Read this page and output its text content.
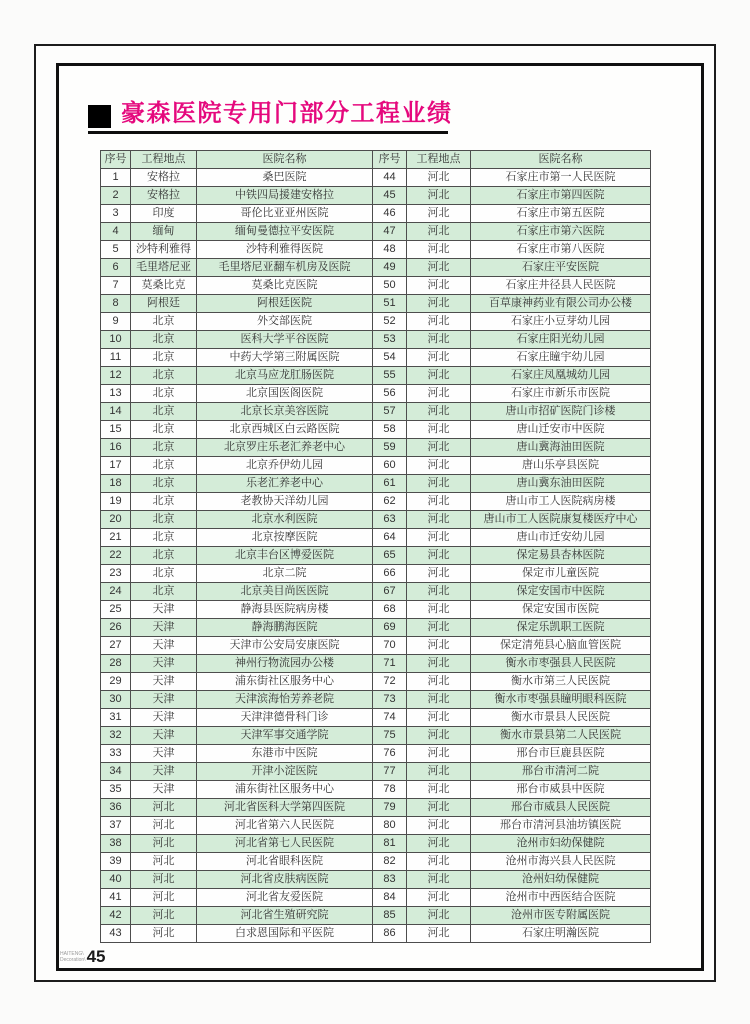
豪森医院专用门部分工程业绩
序号	工程地点	医院名称	序号	工程地点	医院名称
1	安格拉	桑巴医院	44	河北	石家庄市第一人民医院
2	安格拉	中铁四局援建安格拉	45	河北	石家庄市第四医院
3	印度	哥伦比亚亚州医院	46	河北	石家庄市第五医院
4	缅甸	缅甸曼德拉平安医院	47	河北	石家庄市第六医院
5	沙特利雅得	沙特利雅得医院	48	河北	石家庄市第八医院
6	毛里塔尼亚	毛里塔尼亚翻车机房及医院	49	河北	石家庄平安医院
7	莫桑比克	莫桑比克医院	50	河北	石家庄井径县人民医院
8	阿根廷	阿根廷医院	51	河北	百草康神药业有限公司办公楼
9	北京	外交部医院	52	河北	石家庄小豆芽幼儿园
10	北京	医科大学平谷医院	53	河北	石家庄阳光幼儿园
11	北京	中药大学第三附属医院	54	河北	石家庄瞳宇幼儿园
12	北京	北京马应龙肛肠医院	55	河北	石家庄凤凰城幼儿园
13	北京	北京国医阁医院	56	河北	石家庄市新乐市医院
14	北京	北京长京美容医院	57	河北	唐山市招矿医院门诊楼
15	北京	北京西城区白云路医院	58	河北	唐山迁安市中医院
16	北京	北京罗庄乐老汇养老中心	59	河北	唐山冀海油田医院
17	北京	北京乔伊幼儿园	60	河北	唐山乐亭县医院
18	北京	乐老汇养老中心	61	河北	唐山冀东油田医院
19	北京	老教协天洋幼儿园	62	河北	唐山市工人医院病房楼
20	北京	北京水利医院	63	河北	唐山市工人医院康复楼医疗中心
21	北京	北京按摩医院	64	河北	唐山市迁安幼儿园
22	北京	北京丰台区博爱医院	65	河北	保定易县杏林医院
23	北京	北京二院	66	河北	保定市儿童医院
24	北京	北京美目尚医医院	67	河北	保定安国市中医院
25	天津	静海县医院病房楼	68	河北	保定安国市医院
26	天津	静海鹏海医院	69	河北	保定乐凯职工医院
27	天津	天津市公安局安康医院	70	河北	保定清苑县心脑血管医院
28	天津	神州行物流园办公楼	71	河北	衡水市枣强县人民医院
29	天津	浦东街社区服务中心	72	河北	衡水市第三人民医院
30	天津	天津滨海怡芳养老院	73	河北	衡水市枣强县瞳明眼科医院
31	天津	天津津德骨科门诊	74	河北	衡水市景县人民医院
32	天津	天津军事交通学院	75	河北	衡水市景县第二人民医院
33	天津	东港市中医院	76	河北	邢台市巨鹿县医院
34	天津	开津小淀医院	77	河北	邢台市清河二院
35	天津	浦东街社区服务中心	78	河北	邢台市威县中医院
36	河北	河北省医科大学第四医院	79	河北	邢台市威县人民医院
37	河北	河北省第六人民医院	80	河北	邢台市清河县油坊镇医院
38	河北	河北省第七人民医院	81	河北	沧州市妇幼保健院
39	河北	河北省眼科医院	82	河北	沧州市海兴县人民医院
40	河北	河北省皮肤病医院	83	河北	沧州妇幼保健院
41	河北	河北省友爱医院	84	河北	沧州市中西医结合医院
42	河北	河北省生殖研究院	85	河北	沧州市医专附属医院
43	河北	白求恩国际和平医院	86	河北	石家庄明瀚医院
HAITENG\
Decoration\ 45
